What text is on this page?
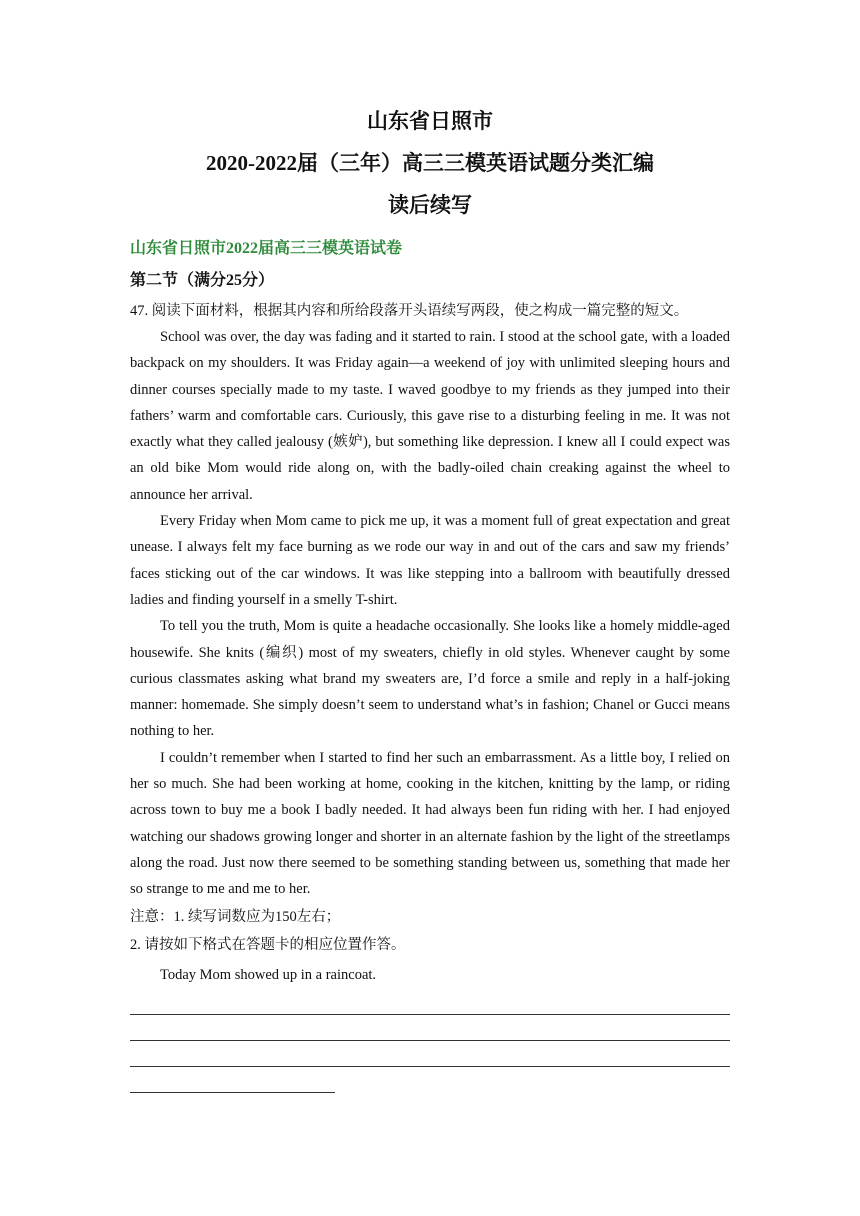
山东省日照市
2020-2022届（三年）高三三模英语试题分类汇编
读后续写
山东省日照市2022届高三三模英语试卷
第二节（满分25分）
47. 阅读下面材料，根据其内容和所给段落开头语续写两段，使之构成一篇完整的短文。

School was over, the day was fading and it started to rain. I stood at the school gate, with a loaded backpack on my shoulders. It was Friday again—a weekend of joy with unlimited sleeping hours and dinner courses specially made to my taste. I waved goodbye to my friends as they jumped into their fathers’ warm and comfortable cars. Curiously, this gave rise to a disturbing feeling in me. It was not exactly what they called jealousy (嫉妒), but something like depression. I knew all I could expect was an old bike Mom would ride along on, with the badly-oiled chain creaking against the wheel to announce her arrival.

Every Friday when Mom came to pick me up, it was a moment full of great expectation and great unease. I always felt my face burning as we rode our way in and out of the cars and saw my friends’ faces sticking out of the car windows. It was like stepping into a ballroom with beautifully dressed ladies and finding yourself in a smelly T-shirt.

To tell you the truth, Mom is quite a headache occasionally. She looks like a homely middle-aged housewife. She knits (编织) most of my sweaters, chiefly in old styles. Whenever caught by some curious classmates asking what brand my sweaters are, I’d force a smile and reply in a half-joking manner: homemade. She simply doesn’t seem to understand what’s in fashion; Chanel or Gucci means nothing to her.

I couldn’t remember when I started to find her such an embarrassment. As a little boy, I relied on her so much. She had been working at home, cooking in the kitchen, knitting by the lamp, or riding across town to buy me a book I badly needed. It had always been fun riding with her. I had enjoyed watching our shadows growing longer and shorter in an alternate fashion by the light of the streetlamps along the road. Just now there seemed to be something standing between us, something that made her so strange to me and me to her.

注意：1. 续写词数应为150左右；
2. 请按如下格式在答题卡的相应位置作答。
Today Mom showed up in a raincoat.
